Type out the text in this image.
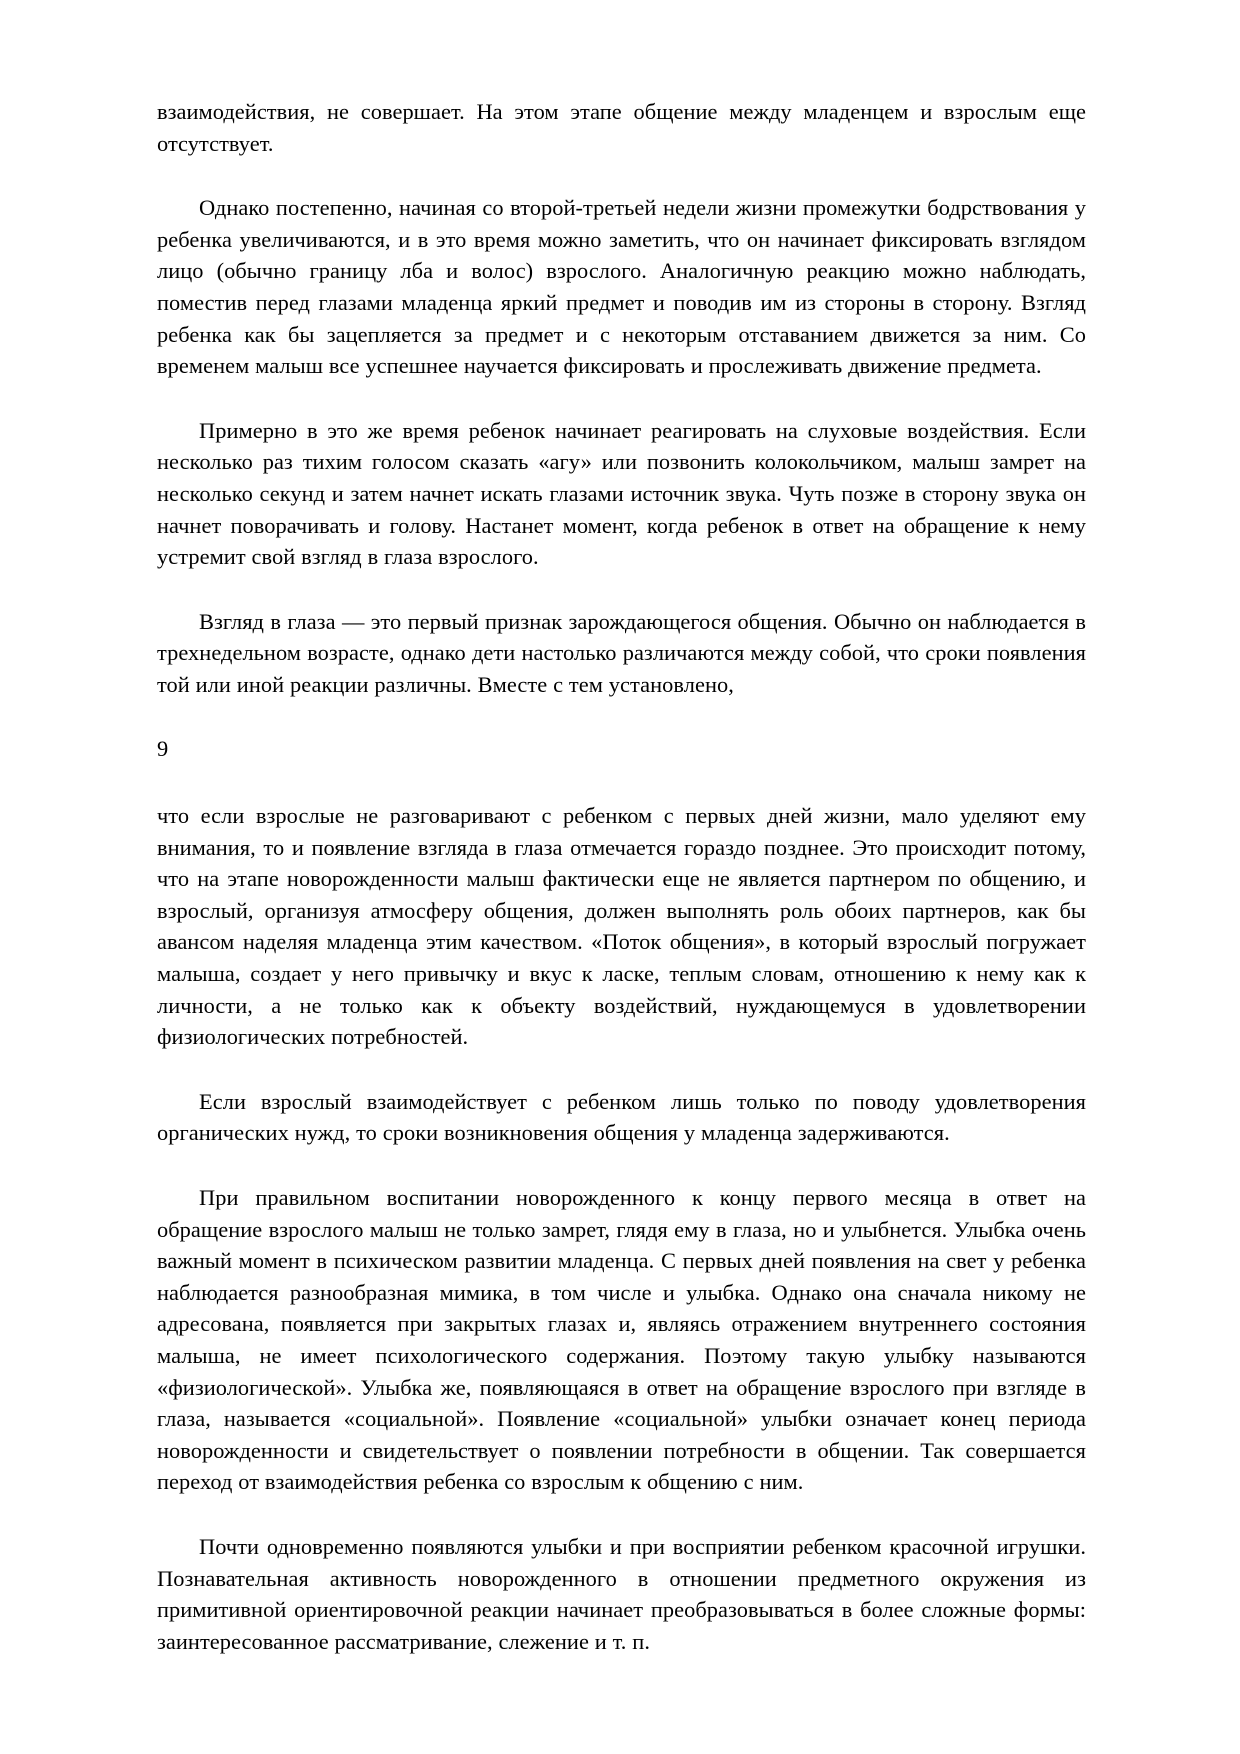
взаимодействия, не совершает. На этом этапе общение между младенцем и взрослым еще отсутствует.

Однако постепенно, начиная со второй-третьей недели жизни промежутки бодрствования у ребенка увеличиваются, и в это время можно заметить, что он начинает фиксировать взглядом лицо (обычно границу лба и волос) взрослого. Аналогичную реакцию можно наблюдать, поместив перед глазами младенца яркий предмет и поводив им из стороны в сторону. Взгляд ребенка как бы зацепляется за предмет и с некоторым отставанием движется за ним. Со временем малыш все успешнее научается фиксировать и прослеживать движение предмета.

Примерно в это же время ребенок начинает реагировать на слуховые воздействия. Если несколько раз тихим голосом сказать «агу» или позвонить колокольчиком, малыш замрет на несколько секунд и затем начнет искать глазами источник звука. Чуть позже в сторону звука он начнет поворачивать и голову. Настанет момент, когда ребенок в ответ на обращение к нему устремит свой взгляд в глаза взрослого.

Взгляд в глаза — это первый признак зарождающегося общения. Обычно он наблюдается в трехнедельном возрасте, однако дети настолько различаются между собой, что сроки появления той или иной реакции различны. Вместе с тем установлено,

9

что если взрослые не разговаривают с ребенком с первых дней жизни, мало уделяют ему внимания, то и появление взгляда в глаза отмечается гораздо позднее. Это происходит потому, что на этапе новорожденности малыш фактически еще не является партнером по общению, и взрослый, организуя атмосферу общения, должен выполнять роль обоих партнеров, как бы авансом наделяя младенца этим качеством. «Поток общения», в который взрослый погружает малыша, создает у него привычку и вкус к ласке, теплым словам, отношению к нему как к личности, а не только как к объекту воздействий, нуждающемуся в удовлетворении физиологических потребностей.

Если взрослый взаимодействует с ребенком лишь только по поводу удовлетворения органических нужд, то сроки возникновения общения у младенца задерживаются.

При правильном воспитании новорожденного к концу первого месяца в ответ на обращение взрослого малыш не только замрет, глядя ему в глаза, но и улыбнется. Улыбка очень важный момент в психическом развитии младенца. С первых дней появления на свет у ребенка наблюдается разнообразная мимика, в том числе и улыбка. Однако она сначала никому не адресована, появляется при закрытых глазах и, являясь отражением внутреннего состояния малыша, не имеет психологического содержания. Поэтому такую улыбку называются «физиологической». Улыбка же, появляющаяся в ответ на обращение взрослого при взгляде в глаза, называется «социальной». Появление «социальной» улыбки означает конец периода новорожденности и свидетельствует о появлении потребности в общении. Так совершается переход от взаимодействия ребенка со взрослым к общению с ним.

Почти одновременно появляются улыбки и при восприятии ребенком красочной игрушки. Познавательная активность новорожденного в отношении предметного окружения из примитивной ориентировочной реакции начинает преобразовываться в более сложные формы: заинтересованное рассматривание, слежение и т. п.
